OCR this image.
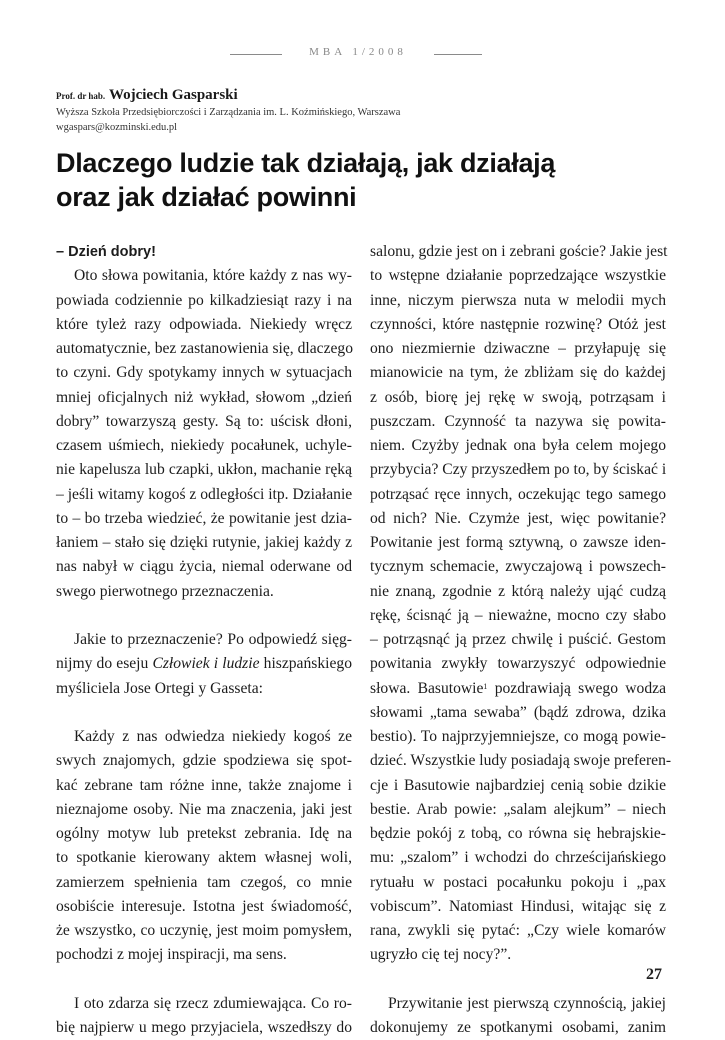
MBA 1/2008
Prof. dr hab. Wojciech Gasparski
Wyższa Szkoła Przedsiębiorczości i Zarządzania im. L. Koźmińskiego, Warszawa
wgaspars@kozminski.edu.pl
Dlaczego ludzie tak działają, jak działają
oraz jak działać powinni
– Dzień dobry!
Oto słowa powitania, które każdy z nas wy-
powiada codziennie po kilkadziesiąt razy i na
które tyleż razy odpowiada. Niekiedy wręcz
automatycznie, bez zastanowienia się, dlaczego
to czyni. Gdy spotykamy innych w sytuacjach
mniej oficjalnych niż wykład, słowom „dzień
dobry” towarzyszą gesty. Są to: uścisk dłoni,
czasem uśmiech, niekiedy pocałunek, uchyle-
nie kapelusza lub czapki, ukłon, machanie ręką
– jeśli witamy kogoś z odległości itp. Działanie
to – bo trzeba wiedzieć, że powitanie jest dzia-
łaniem – stało się dzięki rutynie, jakiej każdy z
nas nabył w ciągu życia, niemal oderwane od
swego pierwotnego przeznaczenia.
Jakie to przeznaczenie? Po odpowiedź sięg-
nijmy do eseju Człowiek i ludzie hiszpańskiego
myśliciela Jose Ortegi y Gasseta:
Każdy z nas odwiedza niekiedy kogoś ze
swych znajomych, gdzie spodziewa się spot-
kać zebrane tam różne inne, także znajome i
nieznajome osoby. Nie ma znaczenia, jaki jest
ogólny motyw lub pretekst zebrania. Idę na
to spotkanie kierowany aktem własnej woli,
zamierzem spełnienia tam czegoś, co mnie
osobiście interesuje. Istotna jest świadomość,
że wszystko, co uczynię, jest moim pomysłem,
pochodzi z mojej inspiracji, ma sens.
I oto zdarza się rzecz zdumiewająca. Co ro-
bię najpierw u mego przyjaciela, wszedłszy do
salonu, gdzie jest on i zebrani goście? Jakie jest
to wstępne działanie poprzedzające wszystkie
inne, niczym pierwsza nuta w melodii mych
czynności, które następnie rozwinę? Otóż jest
ono niezmiernie dziwaczne – przyłapuję się
mianowicie na tym, że zbliżam się do każdej
z osób, biorę jej rękę w swoją, potrząsam i
puszczam. Czynność ta nazywa się powita-
niem. Czyżby jednak ona była celem mojego
przybycia? Czy przyszedłem po to, by ściskać i
potrząsać ręce innych, oczekując tego samego
od nich? Nie. Czymże jest, więc powitanie?
Powitanie jest formą sztywną, o zawsze iden-
tycznym schemacie, zwyczajową i powszech-
nie znaną, zgodnie z którą należy ująć cudzą
rękę, ścisnąć ją – nieważne, mocno czy słabo
– potrząsnąć ją przez chwilę i puścić. Gestom
powitania zwykły towarzyszyć odpowiednie
słowa. Basutowie$^1$ pozdrawiają swego wodza
słowami „tama sewaba” (bądź zdrowa, dzika
bestio). To najprzyjemniejsze, co mogą powie-
dzieć. Wszystkie ludy posiadają swoje preferen-
cje i Basutowie najbardziej cenią sobie dzikie
bestie. Arab powie: „salam alejkum” – niech
będzie pokój z tobą, co równa się hebrajskie-
mu: „szalom” i wchodzi do chrześcijańskiego
rytuału w postaci pocałunku pokoju i „pax
vobiscum”. Natomiast Hindusi, witając się z
rana, zwykli się pytać: „Czy wiele komarów
ugryzło cię tej nocy?”.
Przywitanie jest pierwszą czynnością, jakiej
dokonujemy ze spotkanymi osobami, zanim
27
